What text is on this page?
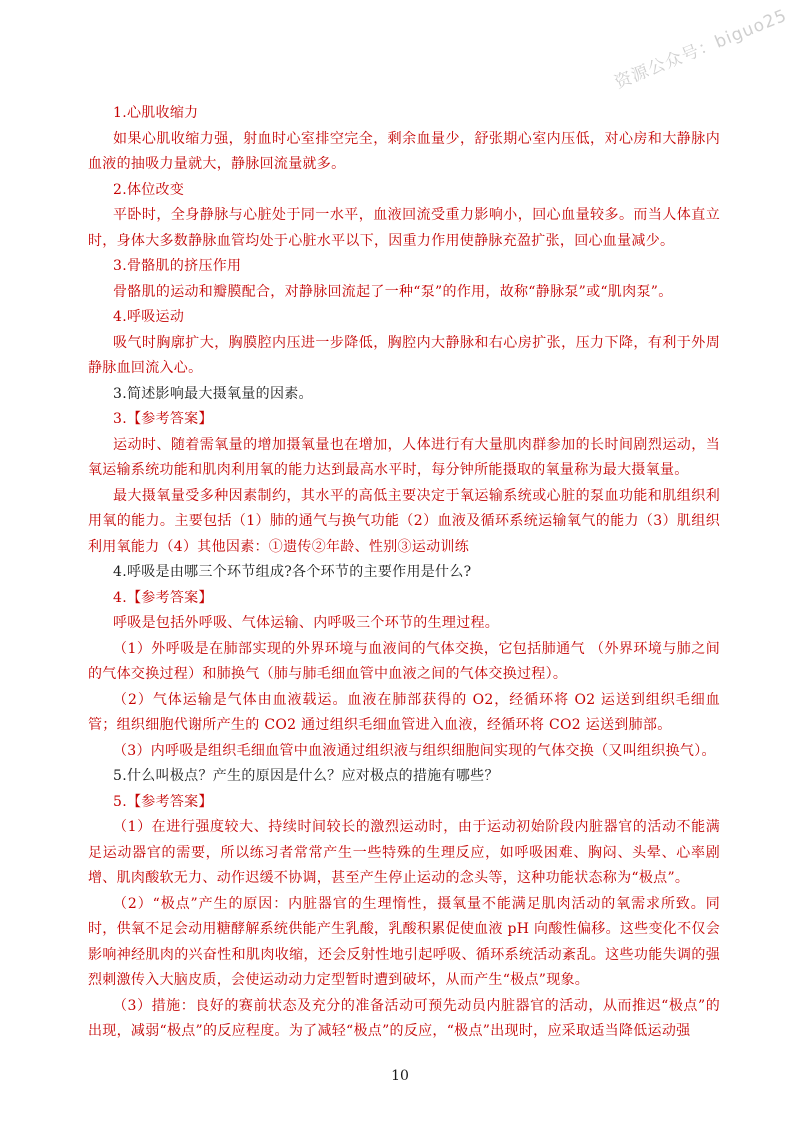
资源公众号：biguo25

1.心肌收缩力

如果心肌收缩力强，射血时心室排空完全，剩余血量少，舒张期心室内压低，对心房和大静脉内血液的抽吸力量就大，静脉回流量就多。

2.体位改变

平卧时，全身静脉与心脏处于同一水平，血液回流受重力影响小，回心血量较多。而当人体直立时，身体大多数静脉血管均处于心脏水平以下，因重力作用使静脉充盈扩张，回心血量减少。

3.骨骼肌的挤压作用

骨骼肌的运动和瓣膜配合，对静脉回流起了一种“泵”的作用，故称“静脉泵”或“肌肉泵”。

4.呼吸运动

吸气时胸廓扩大，胸膜腔内压进一步降低，胸腔内大静脉和右心房扩张，压力下降，有利于外周静脉血回流入心。

3.简述影响最大摄氧量的因素。

3.【参考答案】

运动时、随着需氧量的增加摄氧量也在增加，人体进行有大量肌肉群参加的长时间剧烈运动，当氧运输系统功能和肌肉利用氧的能力达到最高水平时，每分钟所能摄取的氧量称为最大摄氧量。

最大摄氧量受多种因素制约，其水平的高低主要决定于氧运输系统或心脏的泵血功能和肌组织利用氧的能力。主要包括（1）肺的通气与换气功能（2）血液及循环系统运输氧气的能力（3）肌组织利用氧能力（4）其他因素：①遗传②年龄、性别③运动训练

4.呼吸是由哪三个环节组成?各个环节的主要作用是什么?

4.【参考答案】

呼吸是包括外呼吸、气体运输、内呼吸三个环节的生理过程。

（1）外呼吸是在肺部实现的外界环境与血液间的气体交换，它包括肺通气 （外界环境与肺之间的气体交换过程）和肺换气（肺与肺毛细血管中血液之间的气体交换过程）。

（2）气体运输是气体由血液载运。血液在肺部获得的 O2，经循环将 O2 运送到组织毛细血管；组织细胞代谢所产生的 CO2 通过组织毛细血管进入血液，经循环将 CO2 运送到肺部。

（3）内呼吸是组织毛细血管中血液通过组织液与组织细胞间实现的气体交换（又叫组织换气）。

5.什么叫极点？产生的原因是什么？应对极点的措施有哪些？

5.【参考答案】

（1）在进行强度较大、持续时间较长的激烈运动时，由于运动初始阶段内脏器官的活动不能满足运动器官的需要，所以练习者常常产生一些特殊的生理反应，如呼吸困难、胸闷、头晕、心率剧增、肌肉酸软无力、动作迟缓不协调，甚至产生停止运动的念头等，这种功能状态称为“极点”。

（2）“极点”产生的原因：内脏器官的生理惰性，摄氧量不能满足肌肉活动的氧需求所致。同时，供氧不足会动用糖酵解系统供能产生乳酸，乳酸积累促使血液 pH 向酸性偏移。这些变化不仅会影响神经肌肉的兴奋性和肌肉收缩，还会反射性地引起呼吸、循环系统活动紊乱。这些功能失调的强烈刺激传入大脑皮质，会使运动动力定型暂时遭到破坏，从而产生“极点”现象。

（3）措施：良好的赛前状态及充分的准备活动可预先动员内脏器官的活动，从而推迟“极点”的出现，减弱“极点”的反应程度。为了减轻“极点”的反应，“极点”出现时，应采取适当降低运动强

10
